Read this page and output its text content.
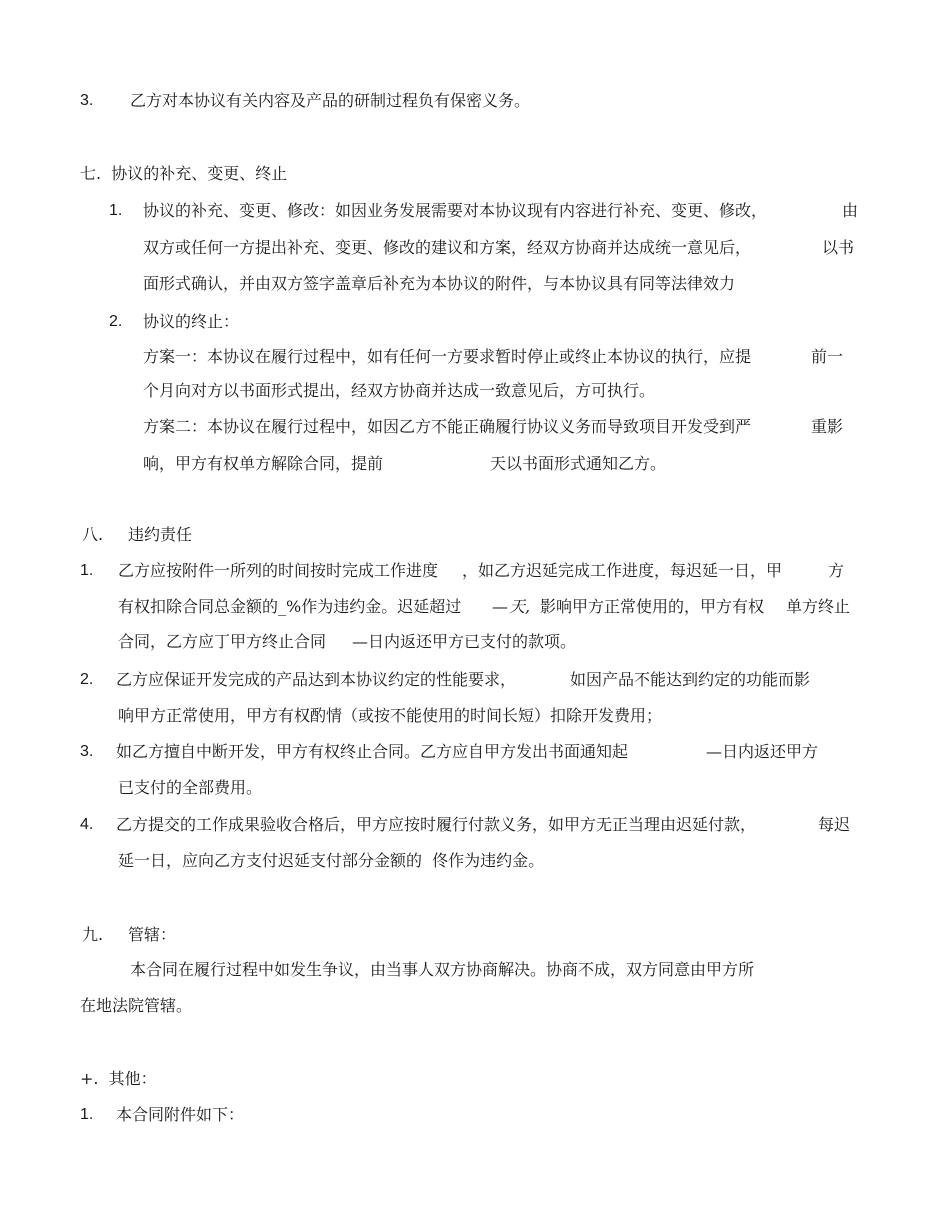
3. 乙方对本协议有关内容及产品的研制过程负有保密义务。
七.  协议的补充、变更、终止
1. 协议的补充、变更、修改：如因业务发展需要对本协议现有内容进行补充、变更、修改，	由
双方或任何一方提出补充、变更、修改的建议和方案，经双方协商并达成统一意见后，	以书
面形式确认，并由双方签字盖章后补充为本协议的附件，与本协议具有同等法律效力
2. 协议的终止：
方案一：本协议在履行过程中，如有任何一方要求暂时停止或终止本协议的执行，应提	前一
个月向对方以书面形式提出，经双方协商并达成一致意见后，方可执行。
方案二：本协议在履行过程中，如因乙方不能正确履行协议义务而导致项目开发受到严	重影
响，甲方有权单方解除合同，提前	天以书面形式通知乙方。
八. 违约责任
1. 乙方应按附件一所列的时间按时完成工作进度 ，如乙方迟延完成工作进度，每迟延一日，甲	方
有权扣除合同总金额的_%作为违约金。迟延超过 — 天, 影响甲方正常使用的，甲方有权 单方终止
合同，乙方应丁甲方终止合同 —日内返还甲方已支付的款项。
2. 乙方应保证开发完成的产品达到本协议约定的性能要求，	如因产品不能达到约定的功能而影
响甲方正常使用，甲方有权酌情（或按不能使用的时间长短）扣除开发费用；
3. 如乙方擅自中断开发，甲方有权终止合同。乙方应自甲方发出书面通知起	—日内返还甲方
已支付的全部费用。
4. 乙方提交的工作成果验收合格后，甲方应按时履行付款义务，如甲方无正当理由迟延付款，	每迟
延一日，应向乙方支付迟延支付部分金额的  佟作为违约金。
九. 管辖：
本合同在履行过程中如发生争议，由当事人双方协商解决。协商不成，双方同意由甲方所
在地法院管辖。
+.  其他：
1. 本合同附件如下：
